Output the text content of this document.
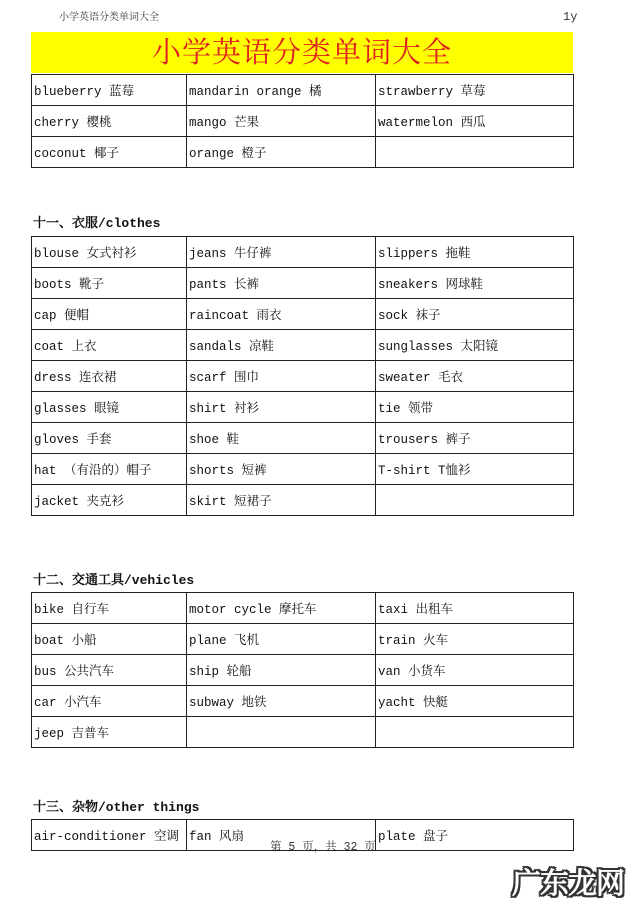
小学英语分类单词大全	1y
小学英语分类单词大全
blueberry 蓝莓	mandarin orange 橘	strawberry 草莓
cherry 樱桃	mango 芒果	watermelon 西瓜
coconut 椰子	orange 橙子	
十一、衣服/clothes
blouse 女式衬衫	jeans 牛仔裤	slippers 拖鞋
boots 靴子	pants 长裤	sneakers 网球鞋
cap 便帽	raincoat 雨衣	sock 袜子
coat 上衣	sandals 凉鞋	sunglasses 太阳镜
dress 连衣裙	scarf 围巾	sweater 毛衣
glasses 眼镜	shirt 衬衫	tie 领带
gloves 手套	shoe 鞋	trousers 裤子
hat （有沿的）帽子	shorts 短裤	T-shirt T恤衫
jacket 夹克衫	skirt 短裙子	
十二、交通工具/vehicles
bike 自行车	motor cycle 摩托车	taxi 出租车
boat 小船	plane 飞机	train 火车
bus 公共汽车	ship 轮船	van 小货车
car 小汽车	subway 地铁	yacht 快艇
jeep 吉普车		
十三、杂物/other things
air-conditioner 空调	fan 风扇	plate 盘子
第 5 页，共 32 页
广东龙网
